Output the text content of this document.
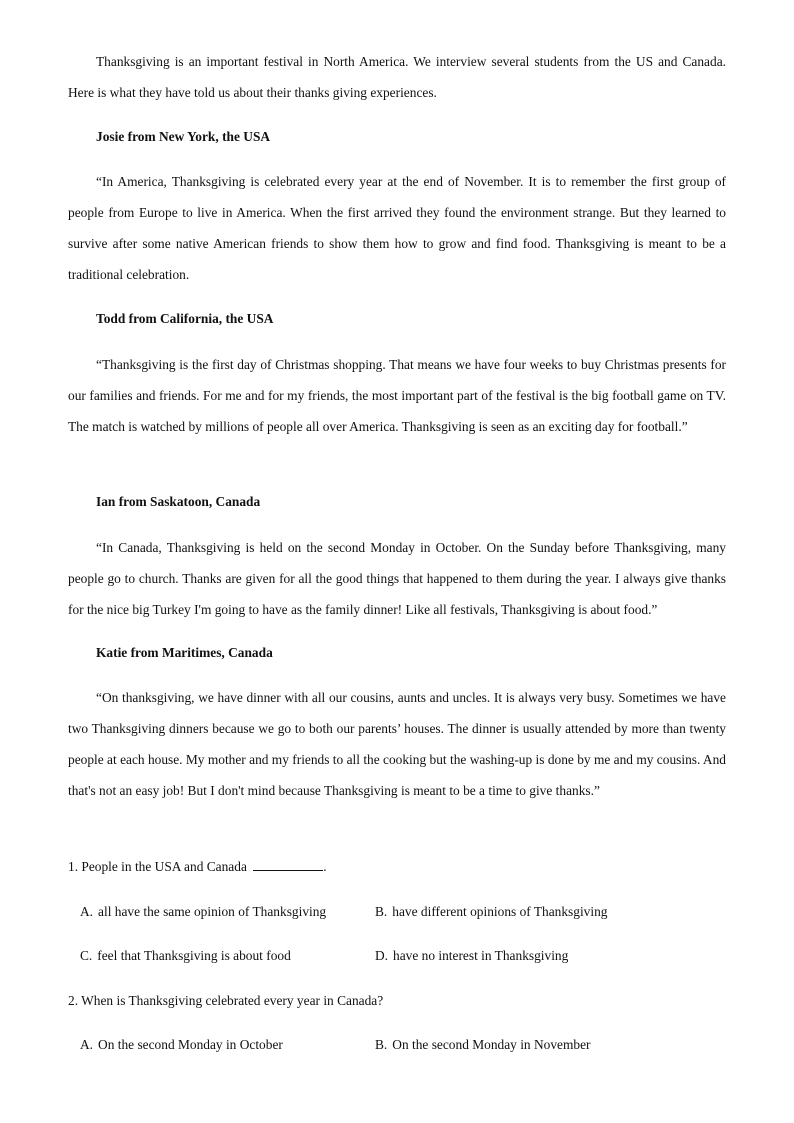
Thanksgiving is an important festival in North America. We interview several students from the US and Canada. Here is what they have told us about their thanks giving experiences.

Josie from New York, the USA

“In America, Thanksgiving is celebrated every year at the end of November. It is to remember the first group of people from Europe to live in America. When the first arrived they found the environment strange. But they learned to survive after some native American friends to show them how to grow and find food. Thanksgiving is meant to be a traditional celebration.

Todd from California, the USA

“Thanksgiving is the first day of Christmas shopping. That means we have four weeks to buy Christmas presents for our families and friends. For me and for my friends, the most important part of the festival is the big football game on TV. The match is watched by millions of people all over America. Thanksgiving is seen as an exciting day for football.”

Ian from Saskatoon, Canada

“In Canada, Thanksgiving is held on the second Monday in October. On the Sunday before Thanksgiving, many people go to church. Thanks are given for all the good things that happened to them during the year. I always give thanks for the nice big Turkey I'm going to have as the family dinner! Like all festivals, Thanksgiving is about food.”

Katie from Maritimes, Canada

“On thanksgiving, we have dinner with all our cousins, aunts and uncles. It is always very busy. Sometimes we have two Thanksgiving dinners because we go to both our parents’ houses. The dinner is usually attended by more than twenty people at each house. My mother and my friends to all the cooking but the washing-up is done by me and my cousins. And that's not an easy job! But I don't mind because Thanksgiving is meant to be a time to give thanks.”

1. People in the USA and Canada	.

A. all have the same opinion of Thanksgiving	B. have different opinions of Thanksgiving

C. feel that Thanksgiving is about food	D. have no interest in Thanksgiving

2. When is Thanksgiving celebrated every year in Canada?

A. On the second Monday in October	B. On the second Monday in November
